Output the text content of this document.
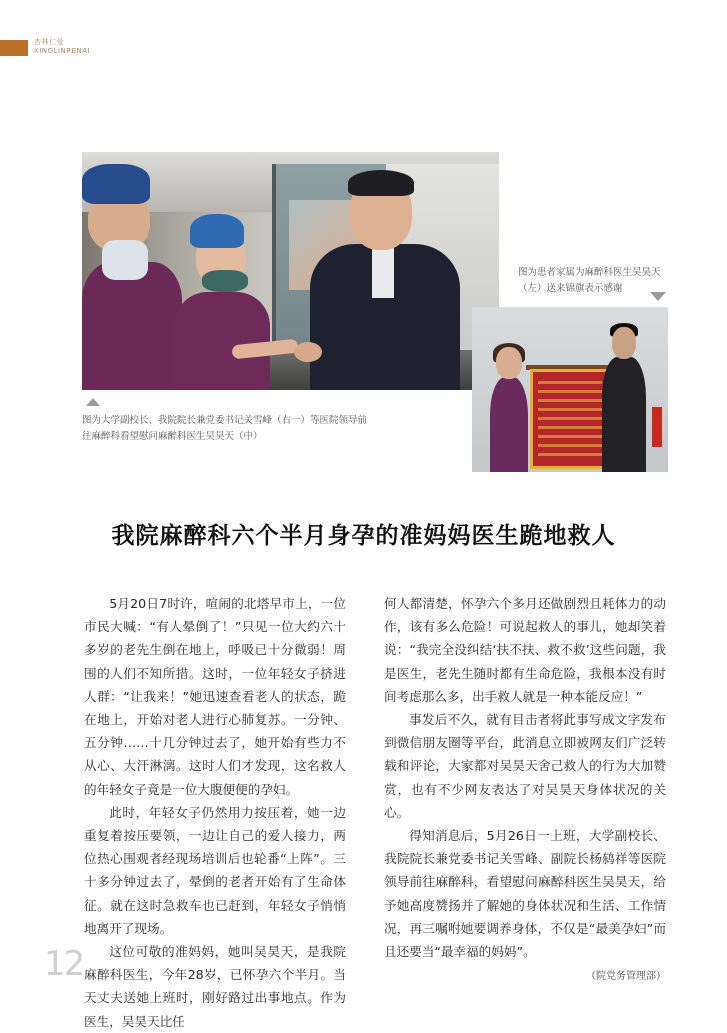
杏林仁爱
XINGLINRENAI
图为患者家属为麻醉科医生吴昊天（左）送来锦旗表示感谢
图为大学副校长、我院院长兼党委书记关雪峰（右一）等医院领导前往麻醉科看望慰问麻醉科医生吴昊天（中）
我院麻醉科六个半月身孕的准妈妈医生跪地救人

5月20日7时许，喧闹的北塔早市上，一位市民大喊：“有人晕倒了！”只见一位大约六十多岁的老先生倒在地上，呼吸已十分微弱！周围的人们不知所措。这时，一位年轻女子挤进人群：“让我来！”她迅速查看老人的状态，跪在地上，开始对老人进行心肺复苏。一分钟、五分钟……十几分钟过去了，她开始有些力不从心、大汗淋漓。这时人们才发现，这名救人的年轻女子竟是一位大腹便便的孕妇。

此时，年轻女子仍然用力按压着，她一边重复着按压要领，一边让自己的爱人接力，两位热心围观者经现场培训后也轮番“上阵”。三十多分钟过去了，晕倒的老者开始有了生命体征。就在这时急救车也已赶到，年轻女子悄悄地离开了现场。

这位可敬的准妈妈，她叫吴昊天，是我院麻醉科医生，今年28岁，已怀孕六个半月。当天丈夫送她上班时，刚好路过出事地点。作为医生，吴昊天比任

何人都清楚，怀孕六个多月还做剧烈且耗体力的动作，该有多么危险！可说起救人的事儿，她却笑着说：“我完全没纠结‘扶不扶、救不救’这些问题，我是医生，老先生随时都有生命危险，我根本没有时间考虑那么多，出手救人就是一种本能反应！”

事发后不久，就有目击者将此事写成文字发布到微信朋友圈等平台，此消息立即被网友们广泛转载和评论，大家都对吴昊天舍己救人的行为大加赞赏，也有不少网友表达了对吴昊天身体状况的关心。

得知消息后，5月26日一上班，大学副校长、我院院长兼党委书记关雪峰、副院长杨鸫祥等医院领导前往麻醉科，看望慰问麻醉科医生吴昊天，给予她高度赞扬并了解她的身体状况和生活、工作情况，再三嘱咐她要调养身体，不仅是“最美孕妇”而且还要当“最幸福的妈妈”。

（院党务管理部）
12
